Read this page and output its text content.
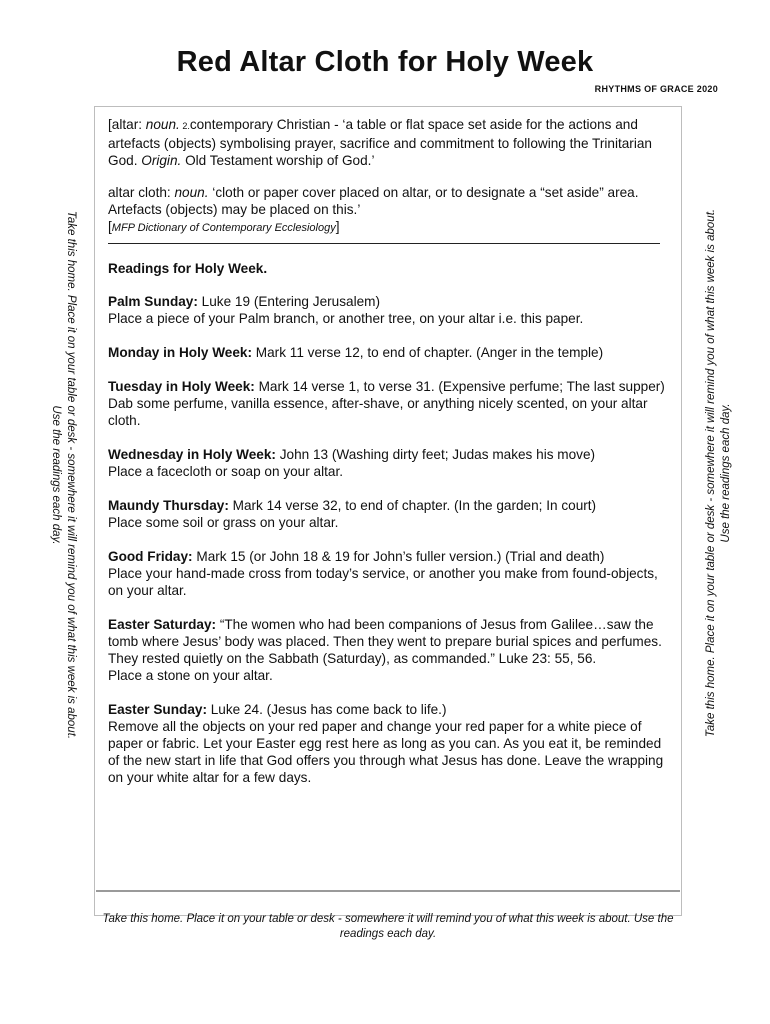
Red Altar Cloth for Holy Week
RHYTHMS OF GRACE 2020
Take this home. Place it on your table or desk - somewhere it will remind you of what this week is about.
Use the readings each day.	Take this home. Place it on your table or desk - somewhere it will remind you of what this week is about. Use the readings each day.

[altar: noun. 2.contemporary Christian - ‘a table or flat space set aside for the actions and artefacts (objects) symbolising prayer, sacrifice and commitment to following the Trinitarian God. Origin. Old Testament worship of God.’

altar cloth: noun. ‘cloth or paper cover placed on altar, or to designate a “set aside” area. Artefacts (objects) may be placed on this.’

[MFP Dictionary of Contemporary Ecclesiology]

Readings for Holy Week.

Palm Sunday: Luke 19 (Entering Jerusalem)

Place a piece of your Palm branch, or another tree, on your altar i.e. this paper.

Monday in Holy Week: Mark 11 verse 12, to end of chapter. (Anger in the temple)

Tuesday in Holy Week: Mark 14 verse 1, to verse 31. (Expensive perfume; The last supper)

Dab some perfume, vanilla essence, after-shave, or anything nicely scented, on your altar cloth.

Wednesday in Holy Week: John 13 (Washing dirty feet; Judas makes his move)

Place a facecloth or soap on your altar.

Maundy Thursday: Mark 14 verse 32, to end of chapter. (In the garden; In court)

Place some soil or grass on your altar.

Good Friday: Mark 15 (or John 18 & 19 for John’s fuller version.) (Trial and death)

Place your hand-made cross from today’s service, or another you make from found-objects, on your altar.

Easter Saturday: “The women who had been companions of Jesus from Galilee…saw the tomb where Jesus’ body was placed. Then they went to prepare burial spices and perfumes. They rested quietly on the Sabbath (Saturday), as commanded.” Luke 23: 55, 56.

Place a stone on your altar.

Easter Sunday: Luke 24. (Jesus has come back to life.)

Remove all the objects on your red paper and change your red paper for a white piece of paper or fabric. Let your Easter egg rest here as long as you can. As you eat it, be reminded of the new start in life that God offers you through what Jesus has done. Leave the wrapping on your white altar for a few days.

Take this home. Place it on your table or desk - somewhere it will remind you of what this week is about. Use the readings each day.
